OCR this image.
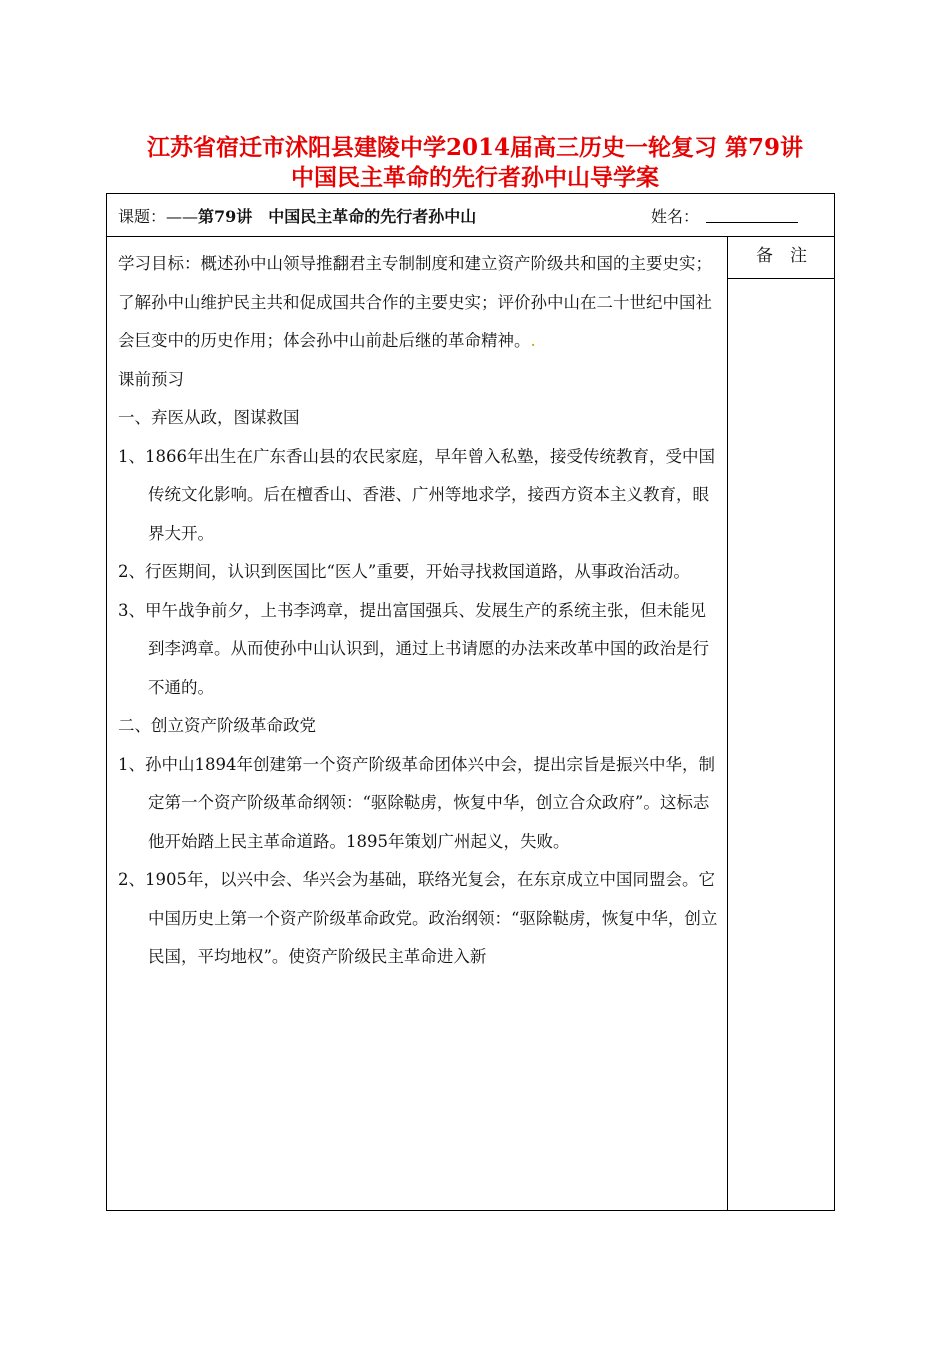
江苏省宿迁市沭阳县建陵中学2014届高三历史一轮复习 第79讲
中国民主革命的先行者孙中山导学案
课题：——第79讲　中国民主革命的先行者孙中山	姓名：
备　注

学习目标：概述孙中山领导推翻君主专制制度和建立资产阶级共和国的主要史实；了解孙中山维护民主共和促成国共合作的主要史实；评价孙中山在二十世纪中国社会巨变中的历史作用；体会孙中山前赴后继的革命精神。.

课前预习

一、弃医从政，图谋救国

1、1866年出生在广东香山县的农民家庭，早年曾入私塾，接受传统教育，受中国传统文化影响。后在檀香山、香港、广州等地求学，接西方资本主义教育，眼界大开。

2、行医期间，认识到医国比“医人”重要，开始寻找救国道路，从事政治活动。

3、甲午战争前夕，上书李鸿章，提出富国强兵、发展生产的系统主张，但未能见到李鸿章。从而使孙中山认识到，通过上书请愿的办法来改革中国的政治是行不通的。

二、创立资产阶级革命政党

1、孙中山1894年创建第一个资产阶级革命团体兴中会，提出宗旨是振兴中华，制定第一个资产阶级革命纲领：“驱除鞑虏，恢复中华，创立合众政府”。这标志他开始踏上民主革命道路。1895年策划广州起义，失败。

2、1905年，以兴中会、华兴会为基础，联络光复会，在东京成立中国同盟会。它中国历史上第一个资产阶级革命政党。政治纲领：“驱除鞑虏，恢复中华，创立民国，平均地权”。使资产阶级民主革命进入新
